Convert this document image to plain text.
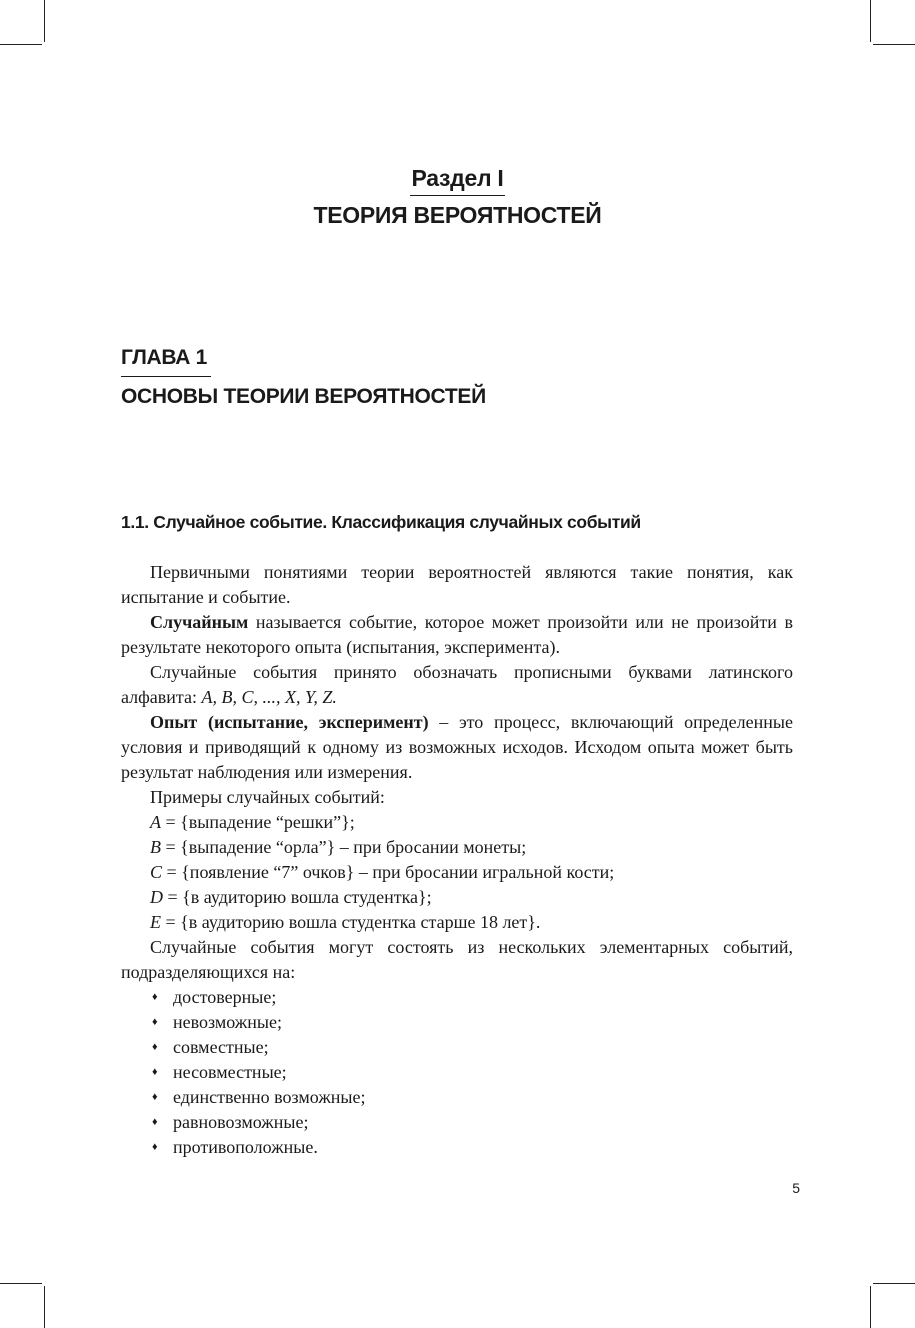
Раздел I
ТЕОРИЯ ВЕРОЯТНОСТЕЙ
ГЛАВА 1
ОСНОВЫ ТЕОРИИ ВЕРОЯТНОСТЕЙ
1.1. Случайное событие. Классификация случайных событий

Первичными понятиями теории вероятностей являются такие понятия, как испытание и событие.

Случайным называется событие, которое может произойти или не произойти в результате некоторого опыта (испытания, эксперимента).

Случайные события принято обозначать прописными буквами латинского алфавита: A, B, C, ..., X, Y, Z.

Опыт (испытание, эксперимент) – это процесс, включающий определенные условия и приводящий к одному из возможных исходов. Исходом опыта может быть результат наблюдения или измерения.

Примеры случайных событий:

A = {выпадение “решки”};
B = {выпадение “орла”} – при бросании монеты;
C = {появление “7” очков} – при бросании игральной кости;
D = {в аудиторию вошла студентка};
E = {в аудиторию вошла студентка старше 18 лет}.

Случайные события могут состоять из нескольких элементарных событий, подразделяющихся на:

♦ достоверные;
♦ невозможные;
♦ совместные;
♦ несовместные;
♦ единственно возможные;
♦ равновозможные;
♦ противоположные.
5
